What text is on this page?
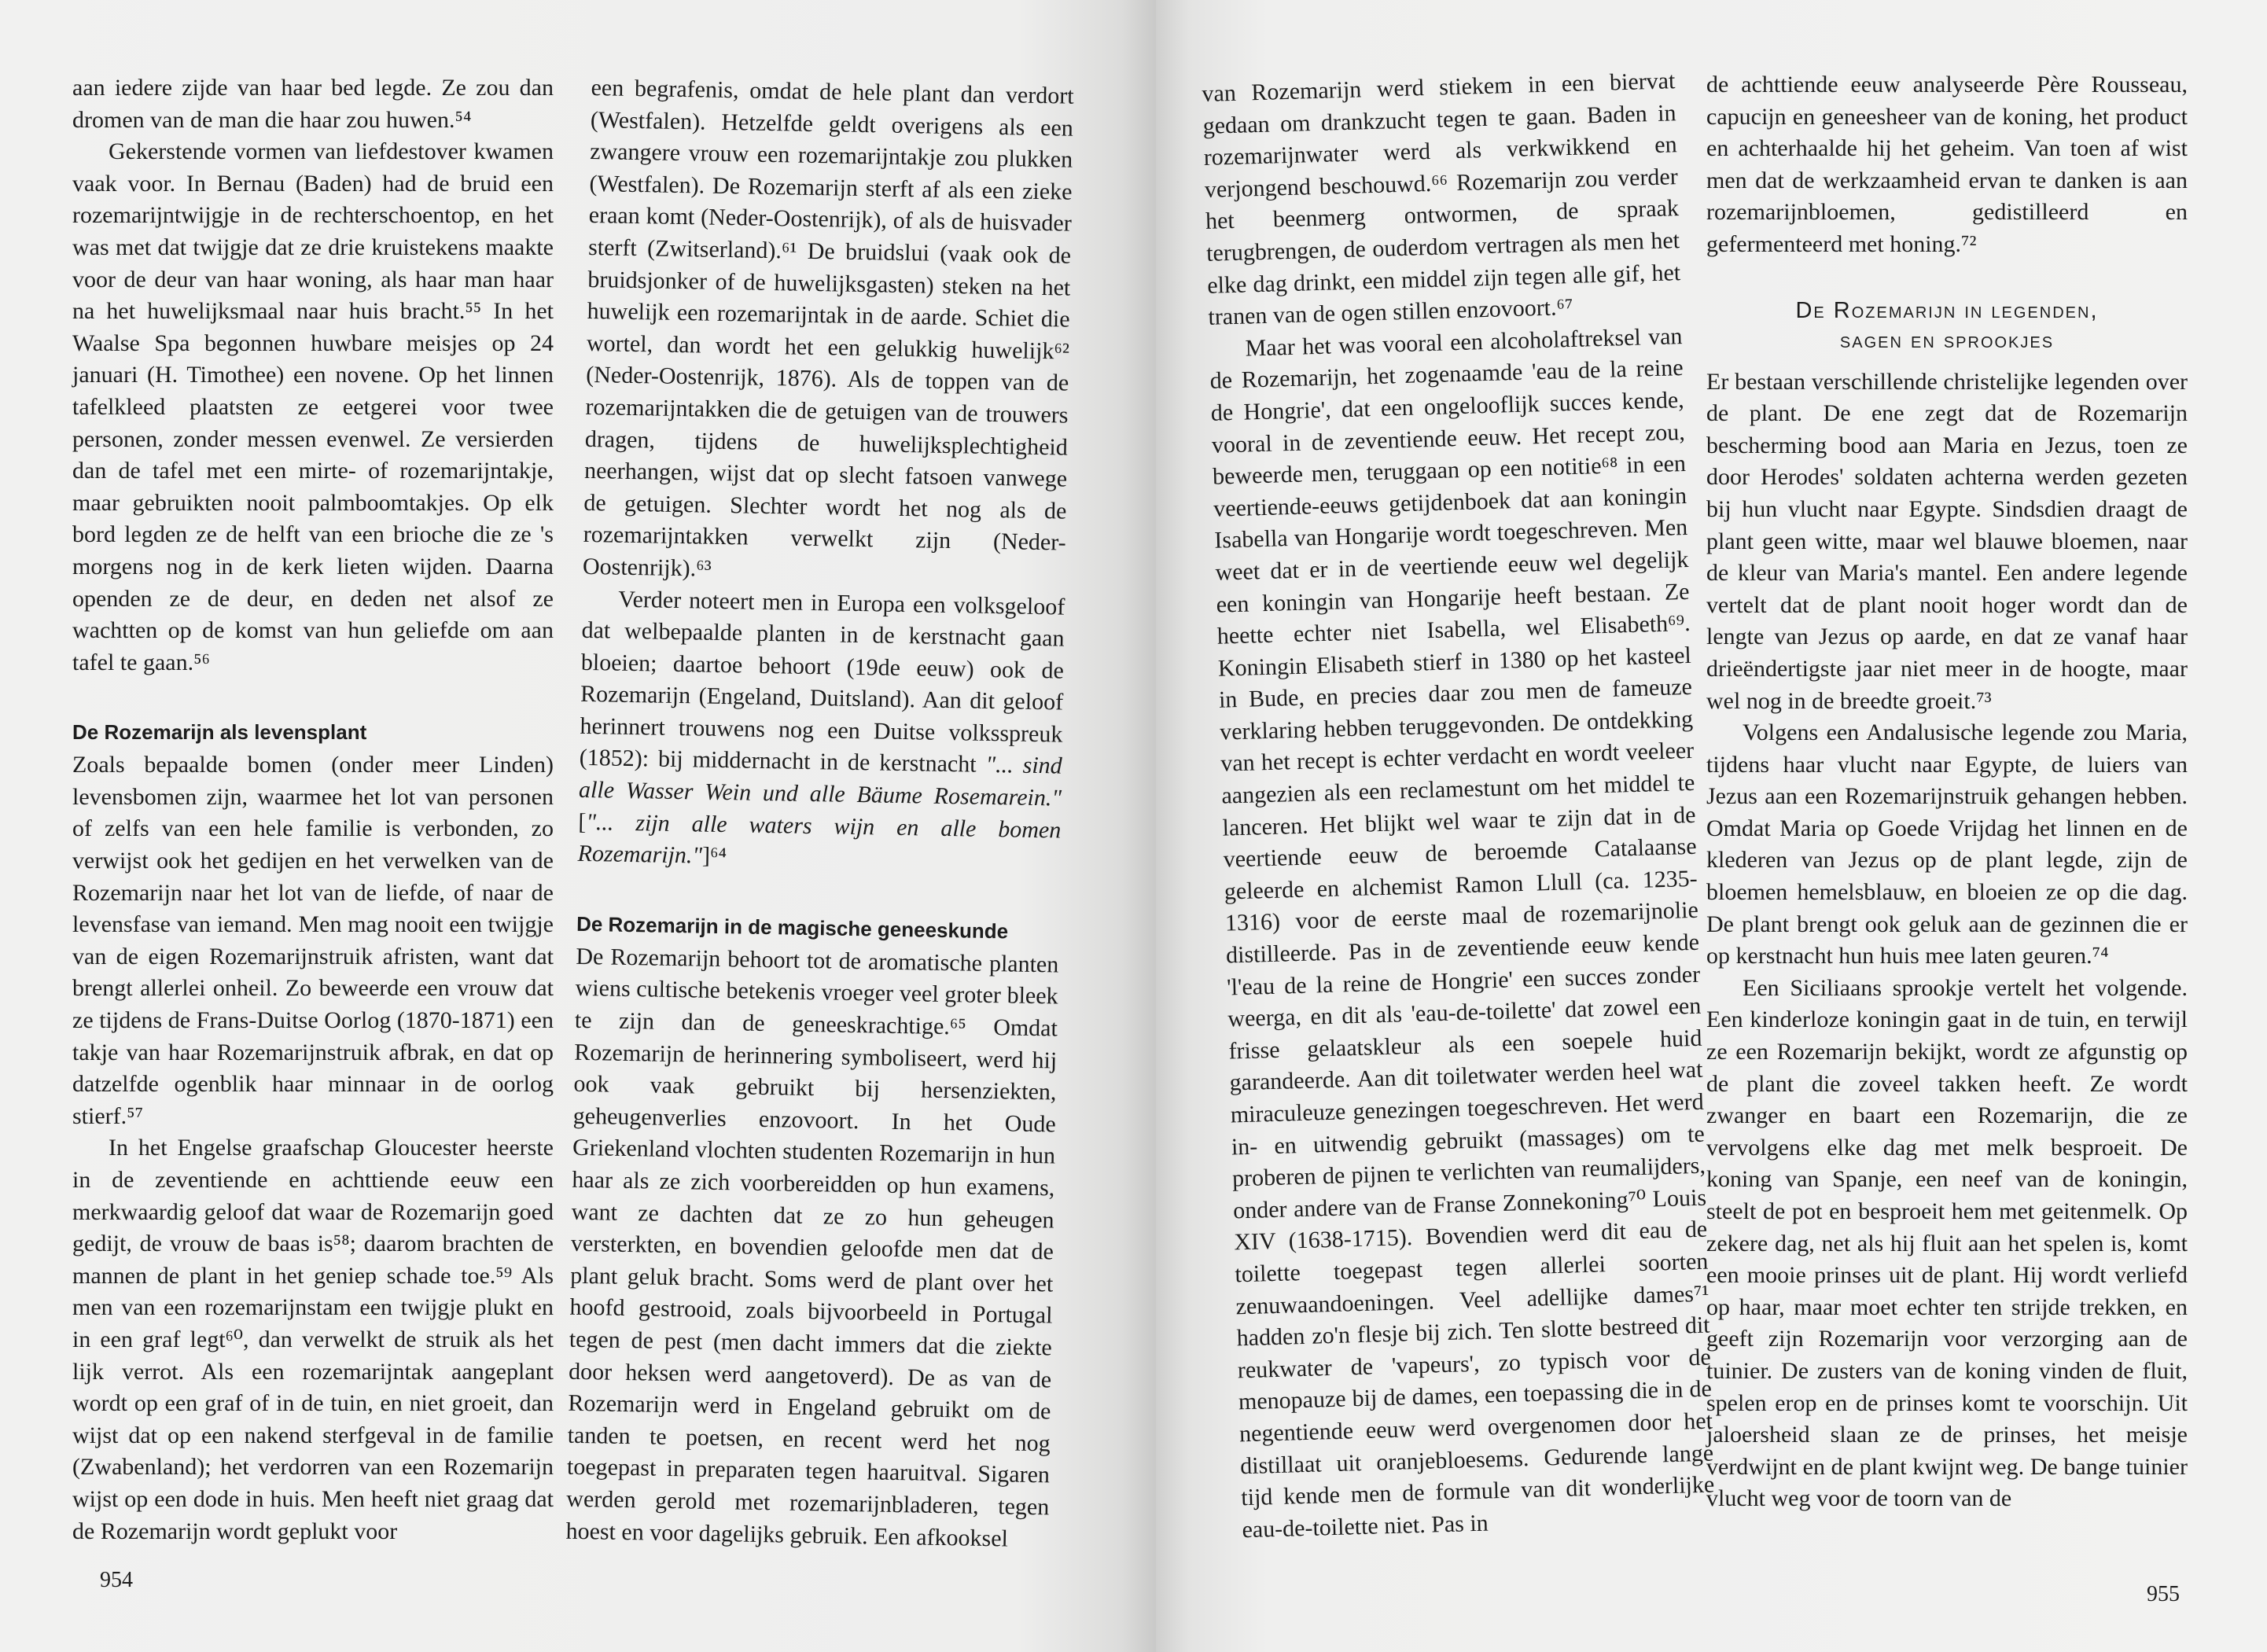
aan iedere zijde van haar bed legde. Ze zou dan dromen van de man die haar zou huwen.⁵⁴

Gekerstende vormen van liefdestover kwamen vaak voor. In Bernau (Baden) had de bruid een rozemarijntwijgje in de rechterschoentop, en het was met dat twijgje dat ze drie kruistekens maakte voor de deur van haar woning, als haar man haar na het huwelijksmaal naar huis bracht.⁵⁵ In het Waalse Spa begonnen huwbare meisjes op 24 januari (H. Timothee) een novene. Op het linnen tafelkleed plaatsten ze eetgerei voor twee personen, zonder messen evenwel. Ze versierden dan de tafel met een mirte- of rozemarijntakje, maar gebruikten nooit palmboomtakjes. Op elk bord legden ze de helft van een brioche die ze 's morgens nog in de kerk lieten wijden. Daarna openden ze de deur, en deden net alsof ze wachtten op de komst van hun geliefde om aan tafel te gaan.⁵⁶

De Rozemarijn als levensplant

Zoals bepaalde bomen (onder meer Linden) levensbomen zijn, waarmee het lot van personen of zelfs van een hele familie is verbonden, zo verwijst ook het gedijen en het verwelken van de Rozemarijn naar het lot van de liefde, of naar de levensfase van iemand. Men mag nooit een twijgje van de eigen Rozemarijnstruik afristen, want dat brengt allerlei onheil. Zo beweerde een vrouw dat ze tijdens de Frans-Duitse Oorlog (1870-1871) een takje van haar Rozemarijnstruik afbrak, en dat op datzelfde ogenblik haar minnaar in de oorlog stierf.⁵⁷

In het Engelse graafschap Gloucester heerste in de zeventiende en achttiende eeuw een merkwaardig geloof dat waar de Rozemarijn goed gedijt, de vrouw de baas is⁵⁸; daarom brachten de mannen de plant in het geniep schade toe.⁵⁹ Als men van een rozemarijnstam een twijgje plukt en in een graf legt⁶⁰, dan verwelkt de struik als het lijk verrot. Als een rozemarijntak aangeplant wordt op een graf of in de tuin, en niet groeit, dan wijst dat op een nakend sterfgeval in de familie (Zwabenland); het verdorren van een Rozemarijn wijst op een dode in huis. Men heeft niet graag dat de Rozemarijn wordt geplukt voor

een begrafenis, omdat de hele plant dan verdort (Westfalen). Hetzelfde geldt overigens als een zwangere vrouw een rozemarijntakje zou plukken (Westfalen). De Rozemarijn sterft af als een zieke eraan komt (Neder-Oostenrijk), of als de huisvader sterft (Zwitserland).⁶¹ De bruidslui (vaak ook de bruidsjonker of de huwelijksgasten) steken na het huwelijk een rozemarijntak in de aarde. Schiet die wortel, dan wordt het een gelukkig huwelijk⁶² (Neder-Oostenrijk, 1876). Als de toppen van de rozemarijntakken die de getuigen van de trouwers dragen, tijdens de huwelijksplechtigheid neerhangen, wijst dat op slecht fatsoen vanwege de getuigen. Slechter wordt het nog als de rozemarijntakken verwelkt zijn (Neder-Oostenrijk).⁶³

Verder noteert men in Europa een volksgeloof dat welbepaalde planten in de kerstnacht gaan bloeien; daartoe behoort (19de eeuw) ook de Rozemarijn (Engeland, Duitsland). Aan dit geloof herinnert trouwens nog een Duitse volksspreuk (1852): bij middernacht in de kerstnacht "... sind alle Wasser Wein und alle Bäume Rosemarein." ["... zijn alle waters wijn en alle bomen Rozemarijn."]⁶⁴

De Rozemarijn in de magische geneeskunde

De Rozemarijn behoort tot de aromatische planten wiens cultische betekenis vroeger veel groter bleek te zijn dan de geneeskrachtige.⁶⁵ Omdat Rozemarijn de herinnering symboliseert, werd hij ook vaak gebruikt bij hersenziekten, geheugenverlies enzovoort. In het Oude Griekenland vlochten studenten Rozemarijn in hun haar als ze zich voorbereidden op hun examens, want ze dachten dat ze zo hun geheugen versterkten, en bovendien geloofde men dat de plant geluk bracht. Soms werd de plant over het hoofd gestrooid, zoals bijvoorbeeld in Portugal tegen de pest (men dacht immers dat die ziekte door heksen werd aangetoverd). De as van de Rozemarijn werd in Engeland gebruikt om de tanden te poetsen, en recent werd het nog toegepast in preparaten tegen haaruitval. Sigaren werden gerold met rozemarijnbladeren, tegen hoest en voor dagelijks gebruik. Een afkooksel

954

van Rozemarijn werd stiekem in een biervat gedaan om drankzucht tegen te gaan. Baden in rozemarijnwater werd als verkwikkend en verjongend beschouwd.⁶⁶ Rozemarijn zou verder het beenmerg ontwormen, de spraak terugbrengen, de ouderdom vertragen als men het elke dag drinkt, een middel zijn tegen alle gif, het tranen van de ogen stillen enzovoort.⁶⁷

Maar het was vooral een alcoholaftreksel van de Rozemarijn, het zogenaamde 'eau de la reine de Hongrie', dat een ongelooflijk succes kende, vooral in de zeventiende eeuw. Het recept zou, beweerde men, teruggaan op een notitie⁶⁸ in een veertiende-eeuws getijdenboek dat aan koningin Isabella van Hongarije wordt toegeschreven. Men weet dat er in de veertiende eeuw wel degelijk een koningin van Hongarije heeft bestaan. Ze heette echter niet Isabella, wel Elisabeth⁶⁹. Koningin Elisabeth stierf in 1380 op het kasteel in Bude, en precies daar zou men de fameuze verklaring hebben teruggevonden. De ontdekking van het recept is echter verdacht en wordt veeleer aangezien als een reclamestunt om het middel te lanceren. Het blijkt wel waar te zijn dat in de veertiende eeuw de beroemde Catalaanse geleerde en alchemist Ramon Llull (ca. 1235-1316) voor de eerste maal de rozemarijnolie distilleerde. Pas in de zeventiende eeuw kende 'l'eau de la reine de Hongrie' een succes zonder weerga, en dit als 'eau-de-toilette' dat zowel een frisse gelaatskleur als een soepele huid garandeerde. Aan dit toiletwater werden heel wat miraculeuze genezingen toegeschreven. Het werd in- en uitwendig gebruikt (massages) om te proberen de pijnen te verlichten van reumalijders, onder andere van de Franse Zonnekoning⁷⁰ Louis XIV (1638-1715). Bovendien werd dit eau de toilette toegepast tegen allerlei soorten zenuwaandoeningen. Veel adellijke dames⁷¹ hadden zo'n flesje bij zich. Ten slotte bestreed dit reukwater de 'vapeurs', zo typisch voor de menopauze bij de dames, een toepassing die in de negentiende eeuw werd overgenomen door het distillaat uit oranjebloesems. Gedurende lange tijd kende men de formule van dit wonderlijke eau-de-toilette niet. Pas in

de achttiende eeuw analyseerde Père Rousseau, capucijn en geneesheer van de koning, het product en achterhaalde hij het geheim. Van toen af wist men dat de werkzaamheid ervan te danken is aan rozemarijnbloemen, gedistilleerd en gefermenteerd met honing.⁷²

De Rozemarijn in legenden,
sagen en sprookjes

Er bestaan verschillende christelijke legenden over de plant. De ene zegt dat de Rozemarijn bescherming bood aan Maria en Jezus, toen ze door Herodes' soldaten achterna werden gezeten bij hun vlucht naar Egypte. Sindsdien draagt de plant geen witte, maar wel blauwe bloemen, naar de kleur van Maria's mantel. Een andere legende vertelt dat de plant nooit hoger wordt dan de lengte van Jezus op aarde, en dat ze vanaf haar drieëndertigste jaar niet meer in de hoogte, maar wel nog in de breedte groeit.⁷³

Volgens een Andalusische legende zou Maria, tijdens haar vlucht naar Egypte, de luiers van Jezus aan een Rozemarijnstruik gehangen hebben. Omdat Maria op Goede Vrijdag het linnen en de klederen van Jezus op de plant legde, zijn de bloemen hemelsblauw, en bloeien ze op die dag. De plant brengt ook geluk aan de gezinnen die er op kerstnacht hun huis mee laten geuren.⁷⁴

Een Siciliaans sprookje vertelt het volgende. Een kinderloze koningin gaat in de tuin, en terwijl ze een Rozemarijn bekijkt, wordt ze afgunstig op de plant die zoveel takken heeft. Ze wordt zwanger en baart een Rozemarijn, die ze vervolgens elke dag met melk besproeit. De koning van Spanje, een neef van de koningin, steelt de pot en besproeit hem met geitenmelk. Op zekere dag, net als hij fluit aan het spelen is, komt een mooie prinses uit de plant. Hij wordt verliefd op haar, maar moet echter ten strijde trekken, en geeft zijn Rozemarijn voor verzorging aan de tuinier. De zusters van de koning vinden de fluit, spelen erop en de prinses komt te voorschijn. Uit jaloersheid slaan ze de prinses, het meisje verdwijnt en de plant kwijnt weg. De bange tuinier vlucht weg voor de toorn van de

955
